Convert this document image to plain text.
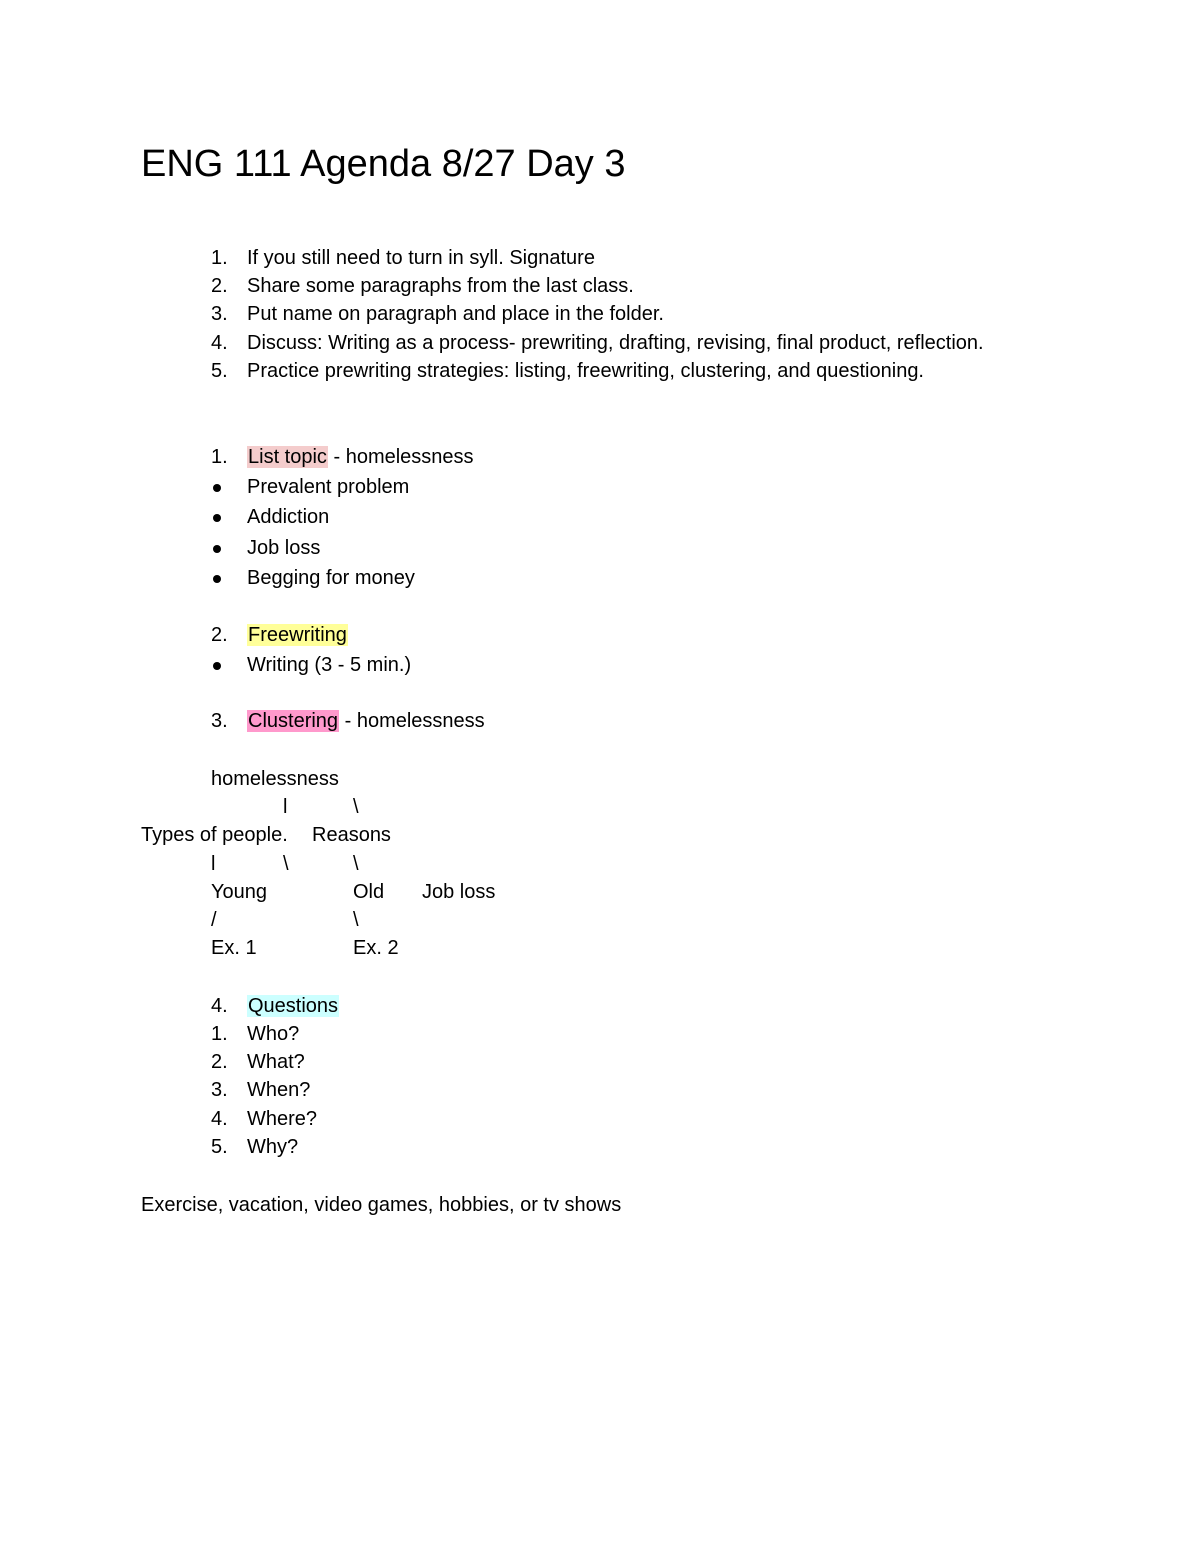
ENG 111 Agenda 8/27 Day 3
1. If you still need to turn in syll. Signature
2. Share some paragraphs from the last class.
3. Put name on paragraph and place in the folder.
4. Discuss: Writing as a process- prewriting, drafting, revising, final product, reflection.
5. Practice prewriting strategies: listing, freewriting, clustering, and questioning.
1.	List topic - homelessness
Prevalent problem
Addiction
Job loss
Begging for money
2.	Freewriting
Writing (3 - 5 min.)
3.	Clustering - homelessness
homelessness
l	\
Types of people. Reasons
l	\	\
Young	Old Job loss
/	\
Ex. 1	Ex. 2
4.	Questions
1. Who?
2. What?
3. When?
4. Where?
5. Why?
Exercise, vacation, video games, hobbies, or tv shows
